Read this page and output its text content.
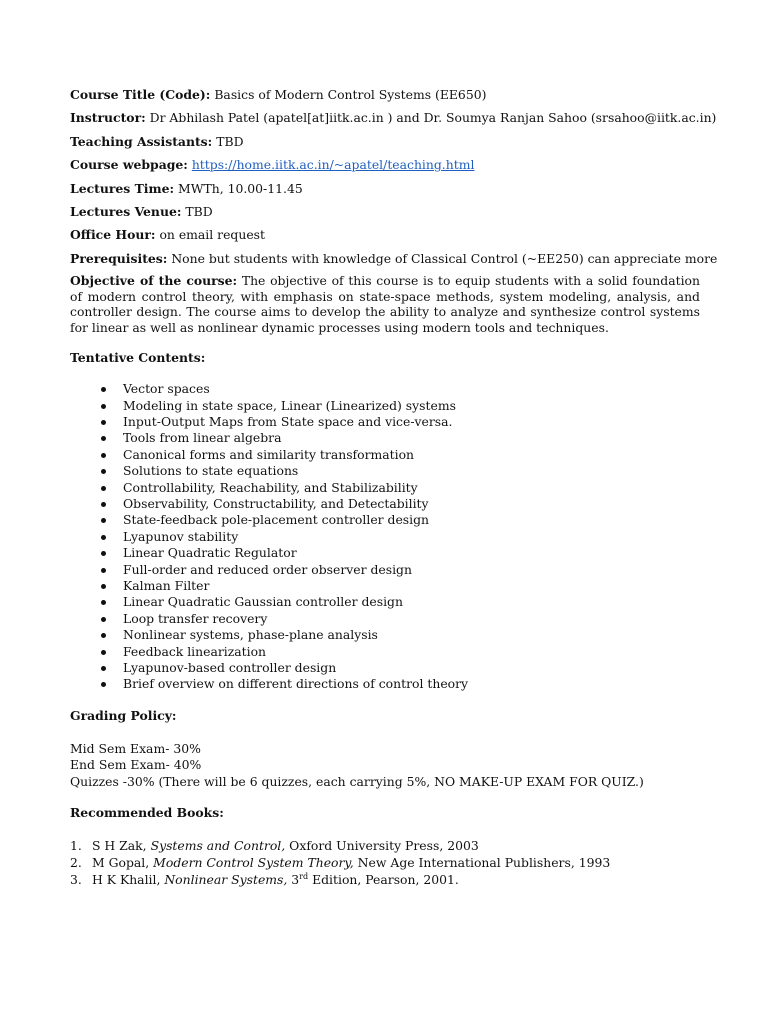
Course Title (Code): Basics of Modern Control Systems (EE650)
Instructor: Dr Abhilash Patel (apatel[at]iitk.ac.in ) and Dr. Soumya Ranjan Sahoo (srsahoo@iitk.ac.in)
Teaching Assistants: TBD
Course webpage: https://home.iitk.ac.in/~apatel/teaching.html
Lectures Time: MWTh, 10.00-11.45
Lectures Venue: TBD
Office Hour: on email request
Prerequisites: None but students with knowledge of Classical Control (~EE250) can appreciate more
Objective of the course: The objective of this course is to equip students with a solid foundation of modern control theory, with emphasis on state-space methods, system modeling, analysis, and controller design. The course aims to develop the ability to analyze and synthesize control systems for linear as well as nonlinear dynamic processes using modern tools and techniques.
Tentative Contents:
Vector spaces
Modeling in state space, Linear (Linearized) systems
Input-Output Maps from State space and vice-versa.
Tools from linear algebra
Canonical forms and similarity transformation
Solutions to state equations
Controllability, Reachability, and Stabilizability
Observability, Constructability, and Detectability
State-feedback pole-placement controller design
Lyapunov stability
Linear Quadratic Regulator
Full-order and reduced order observer design
Kalman Filter
Linear Quadratic Gaussian controller design
Loop transfer recovery
Nonlinear systems, phase-plane analysis
Feedback linearization
Lyapunov-based controller design
Brief overview on different directions of control theory
Grading Policy:
Mid Sem Exam- 30%
End Sem Exam- 40%
Quizzes -30% (There will be 6 quizzes, each carrying 5%, NO MAKE-UP EXAM FOR QUIZ.)
Recommended Books:
1. S H Zak, Systems and Control, Oxford University Press, 2003
2. M Gopal, Modern Control System Theory, New Age International Publishers, 1993
3. H K Khalil, Nonlinear Systems, 3rd Edition, Pearson, 2001.
